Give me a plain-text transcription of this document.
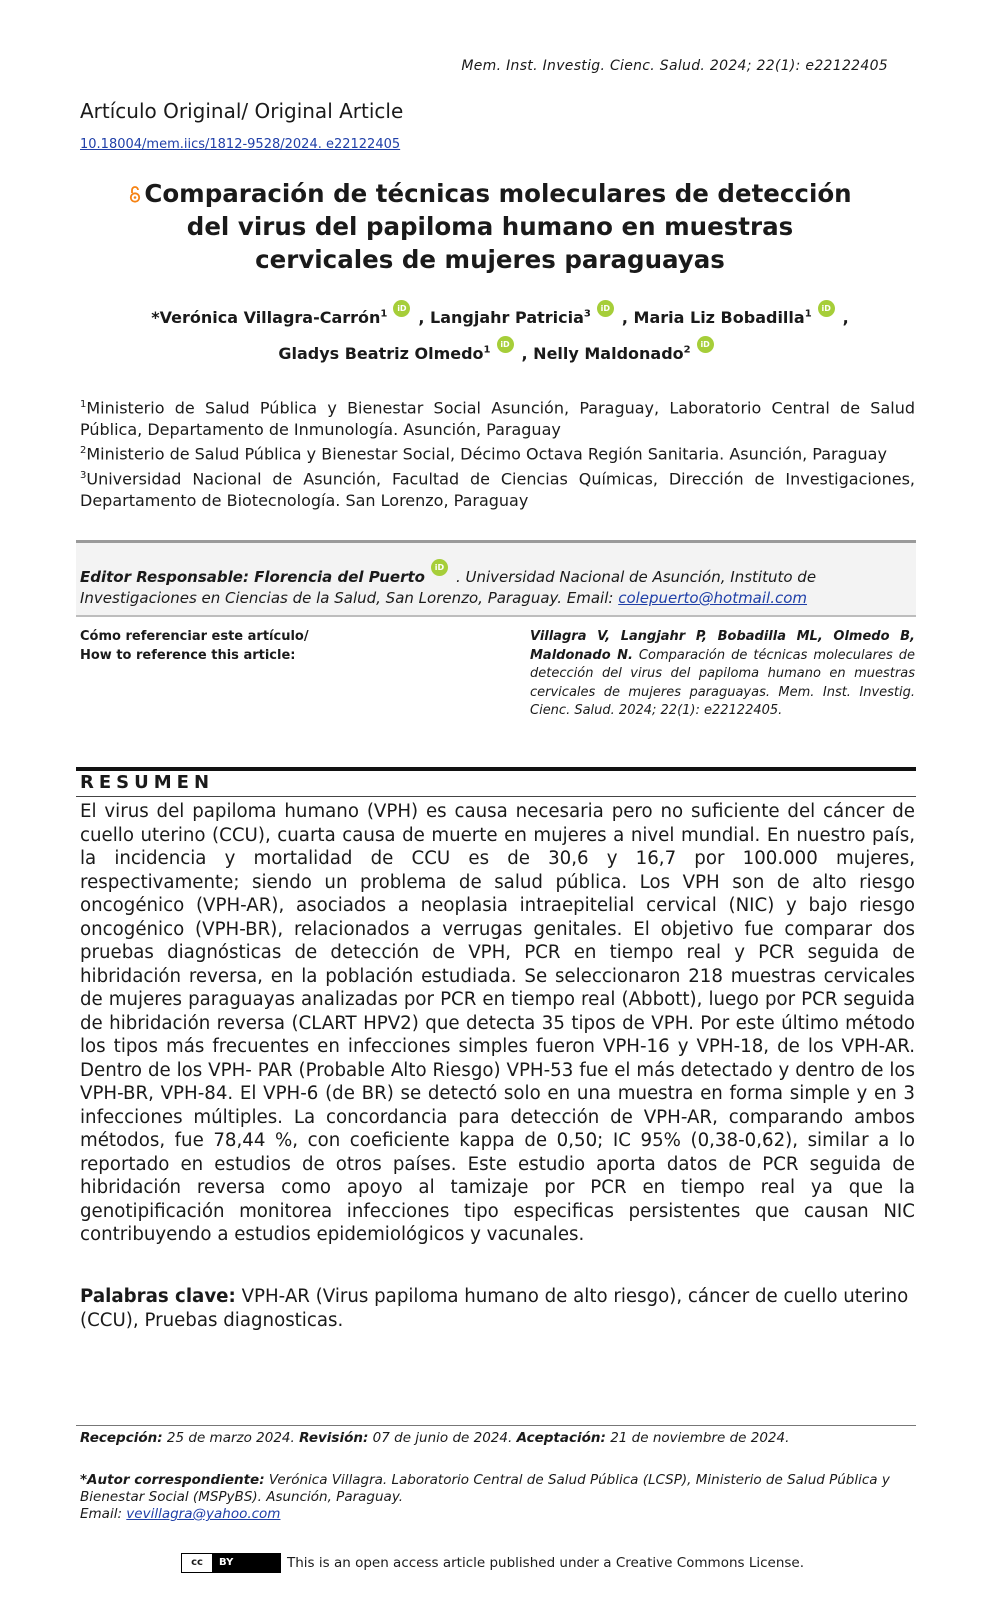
Mem. Inst. Investig. Cienc. Salud. 2024; 22(1): e22122405
Artículo Original/ Original Article
10.18004/mem.iics/1812-9528/2024. e22122405
Comparación de técnicas moleculares de detección
del virus del papiloma humano en muestras
cervicales de mujeres paraguayas
*Verónica Villagra-Carrón$^1$iD , Langjahr Patricia$^3$iD , Maria Liz Bobadilla$^1$iD ,
Gladys Beatriz Olmedo$^1$iD , Nelly Maldonado$^2$iD

$^1$Ministerio de Salud Pública y Bienestar Social Asunción, Paraguay, Laboratorio Central de Salud Pública, Departamento de Inmunología. Asunción, Paraguay

$^2$Ministerio de Salud Pública y Bienestar Social, Décimo Octava Región Sanitaria. Asunción, Paraguay

$^3$Universidad Nacional de Asunción, Facultad de Ciencias Químicas, Dirección de Investigaciones, Departamento de Biotecnología. San Lorenzo, Paraguay

Editor Responsable: Florencia del PuertoiD. Universidad Nacional de Asunción, Instituto de Investigaciones en Ciencias de la Salud, San Lorenzo, Paraguay. Email: colepuerto@hotmail.com
Cómo referenciar este artículo/
How to reference this article:
Villagra V, Langjahr P, Bobadilla ML, Olmedo B, Maldonado N. Comparación de técnicas moleculares de detección del virus del papiloma humano en muestras cervicales de mujeres paraguayas. Mem. Inst. Investig. Cienc. Salud. 2024; 22(1): e22122405.
RESUMEN
El virus del papiloma humano (VPH) es causa necesaria pero no suficiente del cáncer de cuello uterino (CCU), cuarta causa de muerte en mujeres a nivel mundial. En nuestro país, la incidencia y mortalidad de CCU es de 30,6 y 16,7 por 100.000 mujeres, respectivamente; siendo un problema de salud pública. Los VPH son de alto riesgo oncogénico (VPH-AR), asociados a neoplasia intraepitelial cervical (NIC) y bajo riesgo oncogénico (VPH-BR), relacionados a verrugas genitales. El objetivo fue comparar dos pruebas diagnósticas de detección de VPH, PCR en tiempo real y PCR seguida de hibridación reversa, en la población estudiada. Se seleccionaron 218 muestras cervicales de mujeres paraguayas analizadas por PCR en tiempo real (Abbott), luego por PCR seguida de hibridación reversa (CLART HPV2) que detecta 35 tipos de VPH. Por este último método los tipos más frecuentes en infecciones simples fueron VPH-16 y VPH-18, de los VPH-AR. Dentro de los VPH- PAR (Probable Alto Riesgo) VPH-53 fue el más detectado y dentro de los VPH-BR, VPH-84. El VPH-6 (de BR) se detectó solo en una muestra en forma simple y en 3 infecciones múltiples. La concordancia para detección de VPH-AR, comparando ambos métodos, fue 78,44 %, con coeficiente kappa de 0,50; IC 95% (0,38-0,62), similar a lo reportado en estudios de otros países. Este estudio aporta datos de PCR seguida de hibridación reversa como apoyo al tamizaje por PCR en tiempo real ya que la genotipificación monitorea infecciones tipo especificas persistentes que causan NIC contribuyendo a estudios epidemiológicos y vacunales.
Palabras clave: VPH-AR (Virus papiloma humano de alto riesgo), cáncer de cuello uterino (CCU), Pruebas diagnosticas.
Recepción: 25 de marzo 2024. Revisión: 07 de junio de 2024. Aceptación: 21 de noviembre de 2024.
*Autor correspondiente: Verónica Villagra. Laboratorio Central de Salud Pública (LCSP), Ministerio de Salud Pública y Bienestar Social (MSPyBS). Asunción, Paraguay.
Email: vevillagra@yahoo.com
cc	BY	This is an open access article published under a Creative Commons License.
